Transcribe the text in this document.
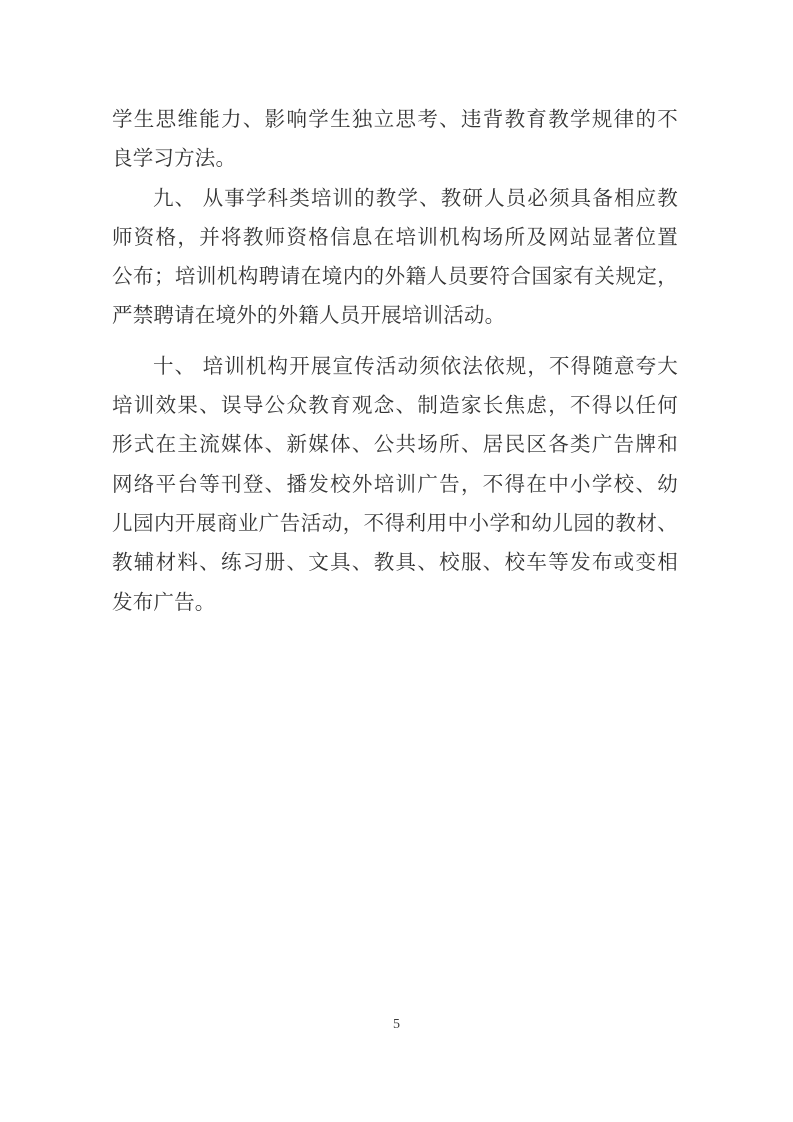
学生思维能力、影响学生独立思考、违背教育教学规律的不
良学习方法。
九、 从事学科类培训的教学、教研人员必须具备相应教
师资格，并将教师资格信息在培训机构场所及网站显著位置
公布；培训机构聘请在境内的外籍人员要符合国家有关规定，
严禁聘请在境外的外籍人员开展培训活动。
十、 培训机构开展宣传活动须依法依规，不得随意夸大
培训效果、误导公众教育观念、制造家长焦虑，不得以任何
形式在主流媒体、新媒体、公共场所、居民区各类广告牌和
网络平台等刊登、播发校外培训广告，不得在中小学校、幼
儿园内开展商业广告活动，不得利用中小学和幼儿园的教材、
教辅材料、练习册、文具、教具、校服、校车等发布或变相
发布广告。
5
